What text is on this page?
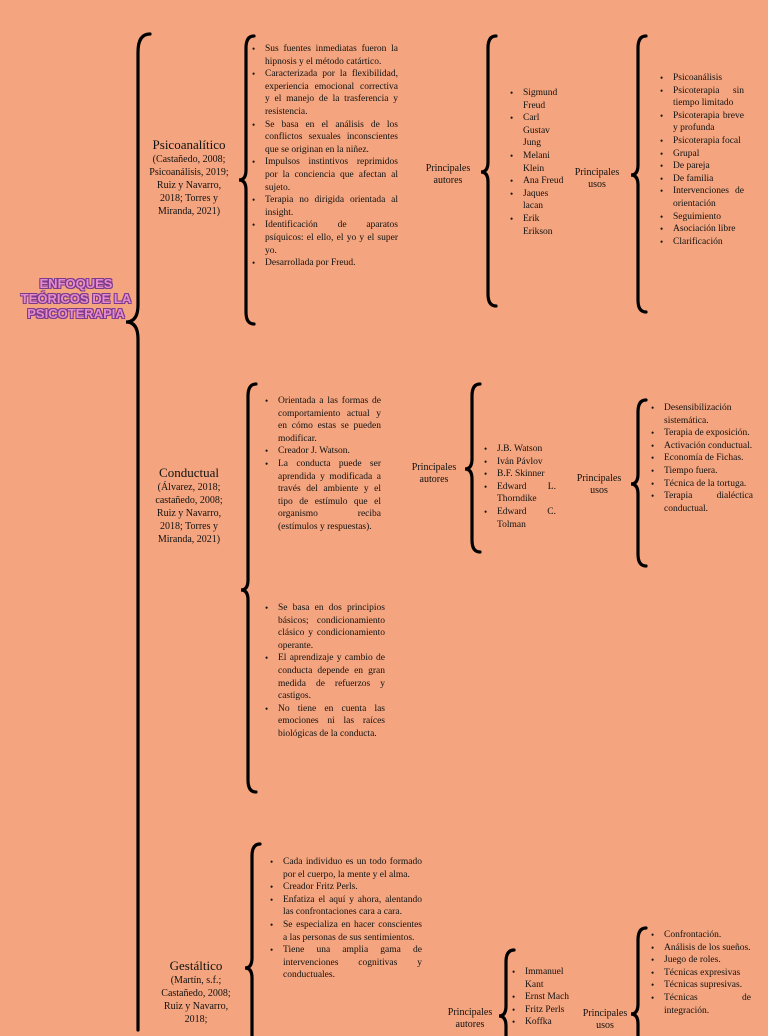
ENFOQUES TEÓRICOS DE LA PSICOTERAPIA
Psicoanalítico
(Castañedo, 2008; Psicoanálisis, 2019; Ruiz y Navarro, 2018; Torres y Miranda, 2021)
• Sus fuentes inmediatas fueron la hipnosis y el método catártico.
• Caracterizada por la flexibilidad, experiencia emocional correctiva y el manejo de la trasferencia y resistencia.
• Se basa en el análisis de los conflictos sexuales inconscientes que se originan en la niñez.
• Impulsos instintivos reprimidos por la conciencia que afectan al sujeto.
• Terapia no dirigida orientada al insight.
• Identificación de aparatos psíquicos: el ello, el yo y el super yo.
• Desarrollada por Freud.
Principales autores
• Sigmund Freud
• Carl Gustav Jung
• Melani Klein
• Ana Freud
• Jaques lacan
• Erik Erikson
Principales usos
• Psicoanálisis
• Psicoterapia sin tiempo limitado
• Psicoterapia breve y profunda
• Psicoterapia focal
• Grupal
• De pareja
• De familia
• Intervenciones de orientación
• Seguimiento
• Asociación libre
• Clarificación
Conductual
(Álvarez, 2018; castañedo, 2008; Ruiz y Navarro, 2018; Torres y Miranda, 2021)
• Orientada a las formas de comportamiento actual y en cómo estas se pueden modificar.
• Creador J. Watson.
• La conducta puede ser aprendida y modificada a través del ambiente y el tipo de estímulo que el organismo reciba (estímulos y respuestas).
• Se basa en dos principios básicos; condicionamiento clásico y condicionamiento operante.
• El aprendizaje y cambio de conducta depende en gran medida de refuerzos y castigos.
• No tiene en cuenta las emociones ni las raíces biológicas de la conducta.
Principales autores
• J.B. Watson
• Iván Pávlov
• B.F. Skinner
• Edward L. Thorndike
• Edward C. Tolman
Principales usos
• Desensibilización sistemática.
• Terapia de exposición.
• Activación conductual.
• Economía de Fichas.
• Tiempo fuera.
• Técnica de la tortuga.
• Terapia dialéctica conductual.
Gestáltico
(Martín, s.f.; Castañedo, 2008; Ruiz y Navarro, 2018;
• Cada individuo es un todo formado por el cuerpo, la mente y el alma.
• Creador Fritz Perls.
• Enfatiza el aquí y ahora, alentando las confrontaciones cara a cara.
• Se especializa en hacer conscientes a las personas de sus sentimientos.
• Tiene una amplia gama de intervenciones cognitivas y conductuales.
Principales autores
• Immanuel Kant
• Ernst Mach
• Fritz Perls
• Koffka
Principales usos
• Confrontación.
• Análisis de los sueños.
• Juego de roles.
• Técnicas expresivas
• Técnicas supresivas.
• Técnicas de integración.
